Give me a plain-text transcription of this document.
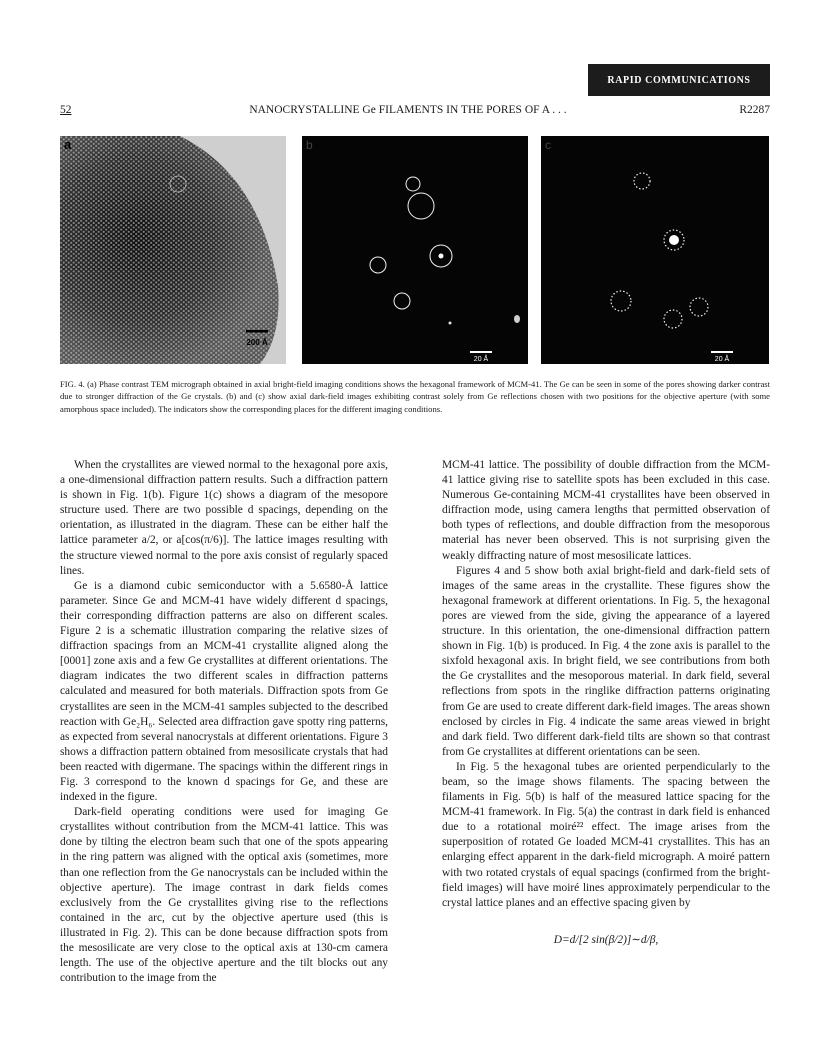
RAPID COMMUNICATIONS
52	NANOCRYSTALLINE Ge FILAMENTS IN THE PORES OF A . . .	R2287
200 Å
a
20 Å
b
20 Å
c
FIG. 4. (a) Phase contrast TEM micrograph obtained in axial bright-field imaging conditions shows the hexagonal framework of MCM-41. The Ge can be seen in some of the pores showing darker contrast due to stronger diffraction of the Ge crystals. (b) and (c) show axial dark-field images exhibiting contrast solely from Ge reflections chosen with two positions for the objective aperture (with some amorphous space included). The indicators show the corresponding places for the different imaging conditions.

When the crystallites are viewed normal to the hexagonal pore axis, a one-dimensional diffraction pattern results. Such a diffraction pattern is shown in Fig. 1(b). Figure 1(c) shows a diagram of the mesopore structure used. There are two possible d spacings, depending on the orientation, as illustrated in the diagram. These can be either half the lattice parameter a/2, or a[cos(π/6)]. The lattice images resulting with the structure viewed normal to the pore axis consist of regularly spaced lines.

Ge is a diamond cubic semiconductor with a 5.6580-Å lattice parameter. Since Ge and MCM-41 have widely different d spacings, their corresponding diffraction patterns are also on different scales. Figure 2 is a schematic illustration comparing the relative sizes of diffraction spacings from an MCM-41 crystallite aligned along the [0001] zone axis and a few Ge crystallites at different orientations. The diagram indicates the two different scales in diffraction patterns calculated and measured for both materials. Diffraction spots from Ge crystallites are seen in the MCM-41 samples subjected to the described reaction with Ge₂H₆. Selected area diffraction gave spotty ring patterns, as expected from several nanocrystals at different orientations. Figure 3 shows a diffraction pattern obtained from mesosilicate crystals that had been reacted with digermane. The spacings within the different rings in Fig. 3 correspond to the known d spacings for Ge, and these are indexed in the figure.

Dark-field operating conditions were used for imaging Ge crystallites without contribution from the MCM-41 lattice. This was done by tilting the electron beam such that one of the spots appearing in the ring pattern was aligned with the optical axis (sometimes, more than one reflection from the Ge nanocrystals can be included within the objective aperture). The image contrast in dark fields comes exclusively from the Ge crystallites giving rise to the reflections contained in the arc, cut by the objective aperture used (this is illustrated in Fig. 2). This can be done because diffraction spots from the mesosilicate are very close to the optical axis at 130-cm camera length. The use of the objective aperture and the tilt blocks out any contribution to the image from the

MCM-41 lattice. The possibility of double diffraction from the MCM-41 lattice giving rise to satellite spots has been excluded in this case. Numerous Ge-containing MCM-41 crystallites have been observed in diffraction mode, using camera lengths that permitted observation of both types of reflections, and double diffraction from the mesoporous material has never been observed. This is not surprising given the weakly diffracting nature of most mesosilicate lattices.

Figures 4 and 5 show both axial bright-field and dark-field sets of images of the same areas in the crystallite. These figures show the hexagonal framework at different orientations. In Fig. 5, the hexagonal pores are viewed from the side, giving the appearance of a layered structure. In this orientation, the one-dimensional diffraction pattern shown in Fig. 1(b) is produced. In Fig. 4 the zone axis is parallel to the sixfold hexagonal axis. In bright field, we see contributions from both the Ge crystallites and the mesoporous material. In dark field, several reflections from spots in the ringlike diffraction patterns originating from Ge are used to create different dark-field images. The areas shown enclosed by circles in Fig. 4 indicate the same areas viewed in bright and dark field. Two different dark-field tilts are shown so that contrast from Ge crystallites at different orientations can be seen.

In Fig. 5 the hexagonal tubes are oriented perpendicularly to the beam, so the image shows filaments. The spacing between the filaments in Fig. 5(b) is half of the measured lattice spacing for the MCM-41 framework. In Fig. 5(a) the contrast in dark field is enhanced due to a rotational moiré²² effect. The image arises from the superposition of rotated Ge loaded MCM-41 crystallites. This has an enlarging effect apparent in the dark-field micrograph. A moiré pattern with two rotated crystals of equal spacings (confirmed from the bright-field images) will have moiré lines approximately perpendicular to the crystal lattice planes and an effective spacing given by

D=d/[2 sin(β/2)]∼d/β,
